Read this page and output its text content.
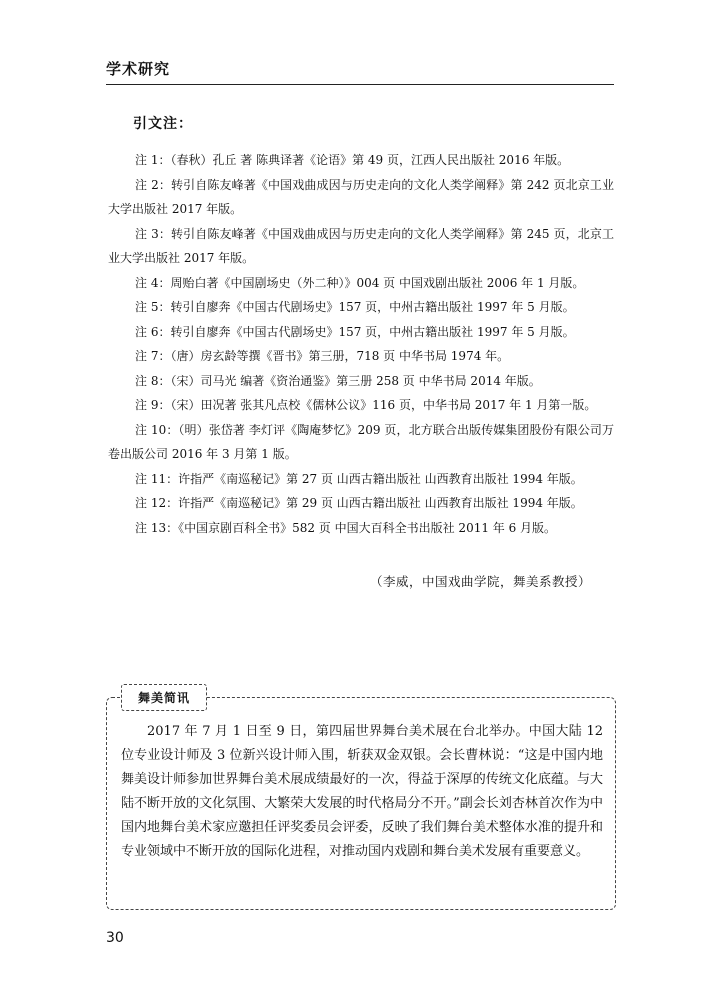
学术研究
引文注：

注 1：（春秋）孔丘 著 陈典译著《论语》第 49 页，江西人民出版社 2016 年版。

注 2：转引自陈友峰著《中国戏曲成因与历史走向的文化人类学阐释》第 242 页北京工业大学出版社 2017 年版。

注 3：转引自陈友峰著《中国戏曲成因与历史走向的文化人类学阐释》第 245 页，北京工业大学出版社 2017 年版。

注 4：周贻白著《中国剧场史（外二种）》004 页 中国戏剧出版社 2006 年 1 月版。

注 5：转引自廖奔《中国古代剧场史》157 页，中州古籍出版社 1997 年 5 月版。

注 6：转引自廖奔《中国古代剧场史》157 页，中州古籍出版社 1997 年 5 月版。

注 7：（唐）房玄龄等撰《晋书》第三册，718 页 中华书局 1974 年。

注 8：（宋）司马光 编著《资治通鉴》第三册 258 页 中华书局 2014 年版。

注 9：（宋）田况著 张其凡点校《儒林公议》116 页，中华书局 2017 年 1 月第一版。

注 10：（明）张岱著 李灯评《陶庵梦忆》209 页，北方联合出版传媒集团股份有限公司万卷出版公司 2016 年 3 月第 1 版。

注 11：许指严《南巡秘记》第 27 页 山西古籍出版社 山西教育出版社 1994 年版。

注 12：许指严《南巡秘记》第 29 页 山西古籍出版社 山西教育出版社 1994 年版。

注 13：《中国京剧百科全书》582 页 中国大百科全书出版社 2011 年 6 月版。

（李威，中国戏曲学院，舞美系教授）
舞美简讯

2017 年 7 月 1 日至 9 日，第四届世界舞台美术展在台北举办。中国大陆 12 位专业设计师及 3 位新兴设计师入围，斩获双金双银。会长曹林说：“这是中国内地舞美设计师参加世界舞台美术展成绩最好的一次，得益于深厚的传统文化底蕴。与大陆不断开放的文化氛围、大繁荣大发展的时代格局分不开。”副会长刘杏林首次作为中国内地舞台美术家应邀担任评奖委员会评委，反映了我们舞台美术整体水准的提升和专业领域中不断开放的国际化进程，对推动国内戏剧和舞台美术发展有重要意义。

30
